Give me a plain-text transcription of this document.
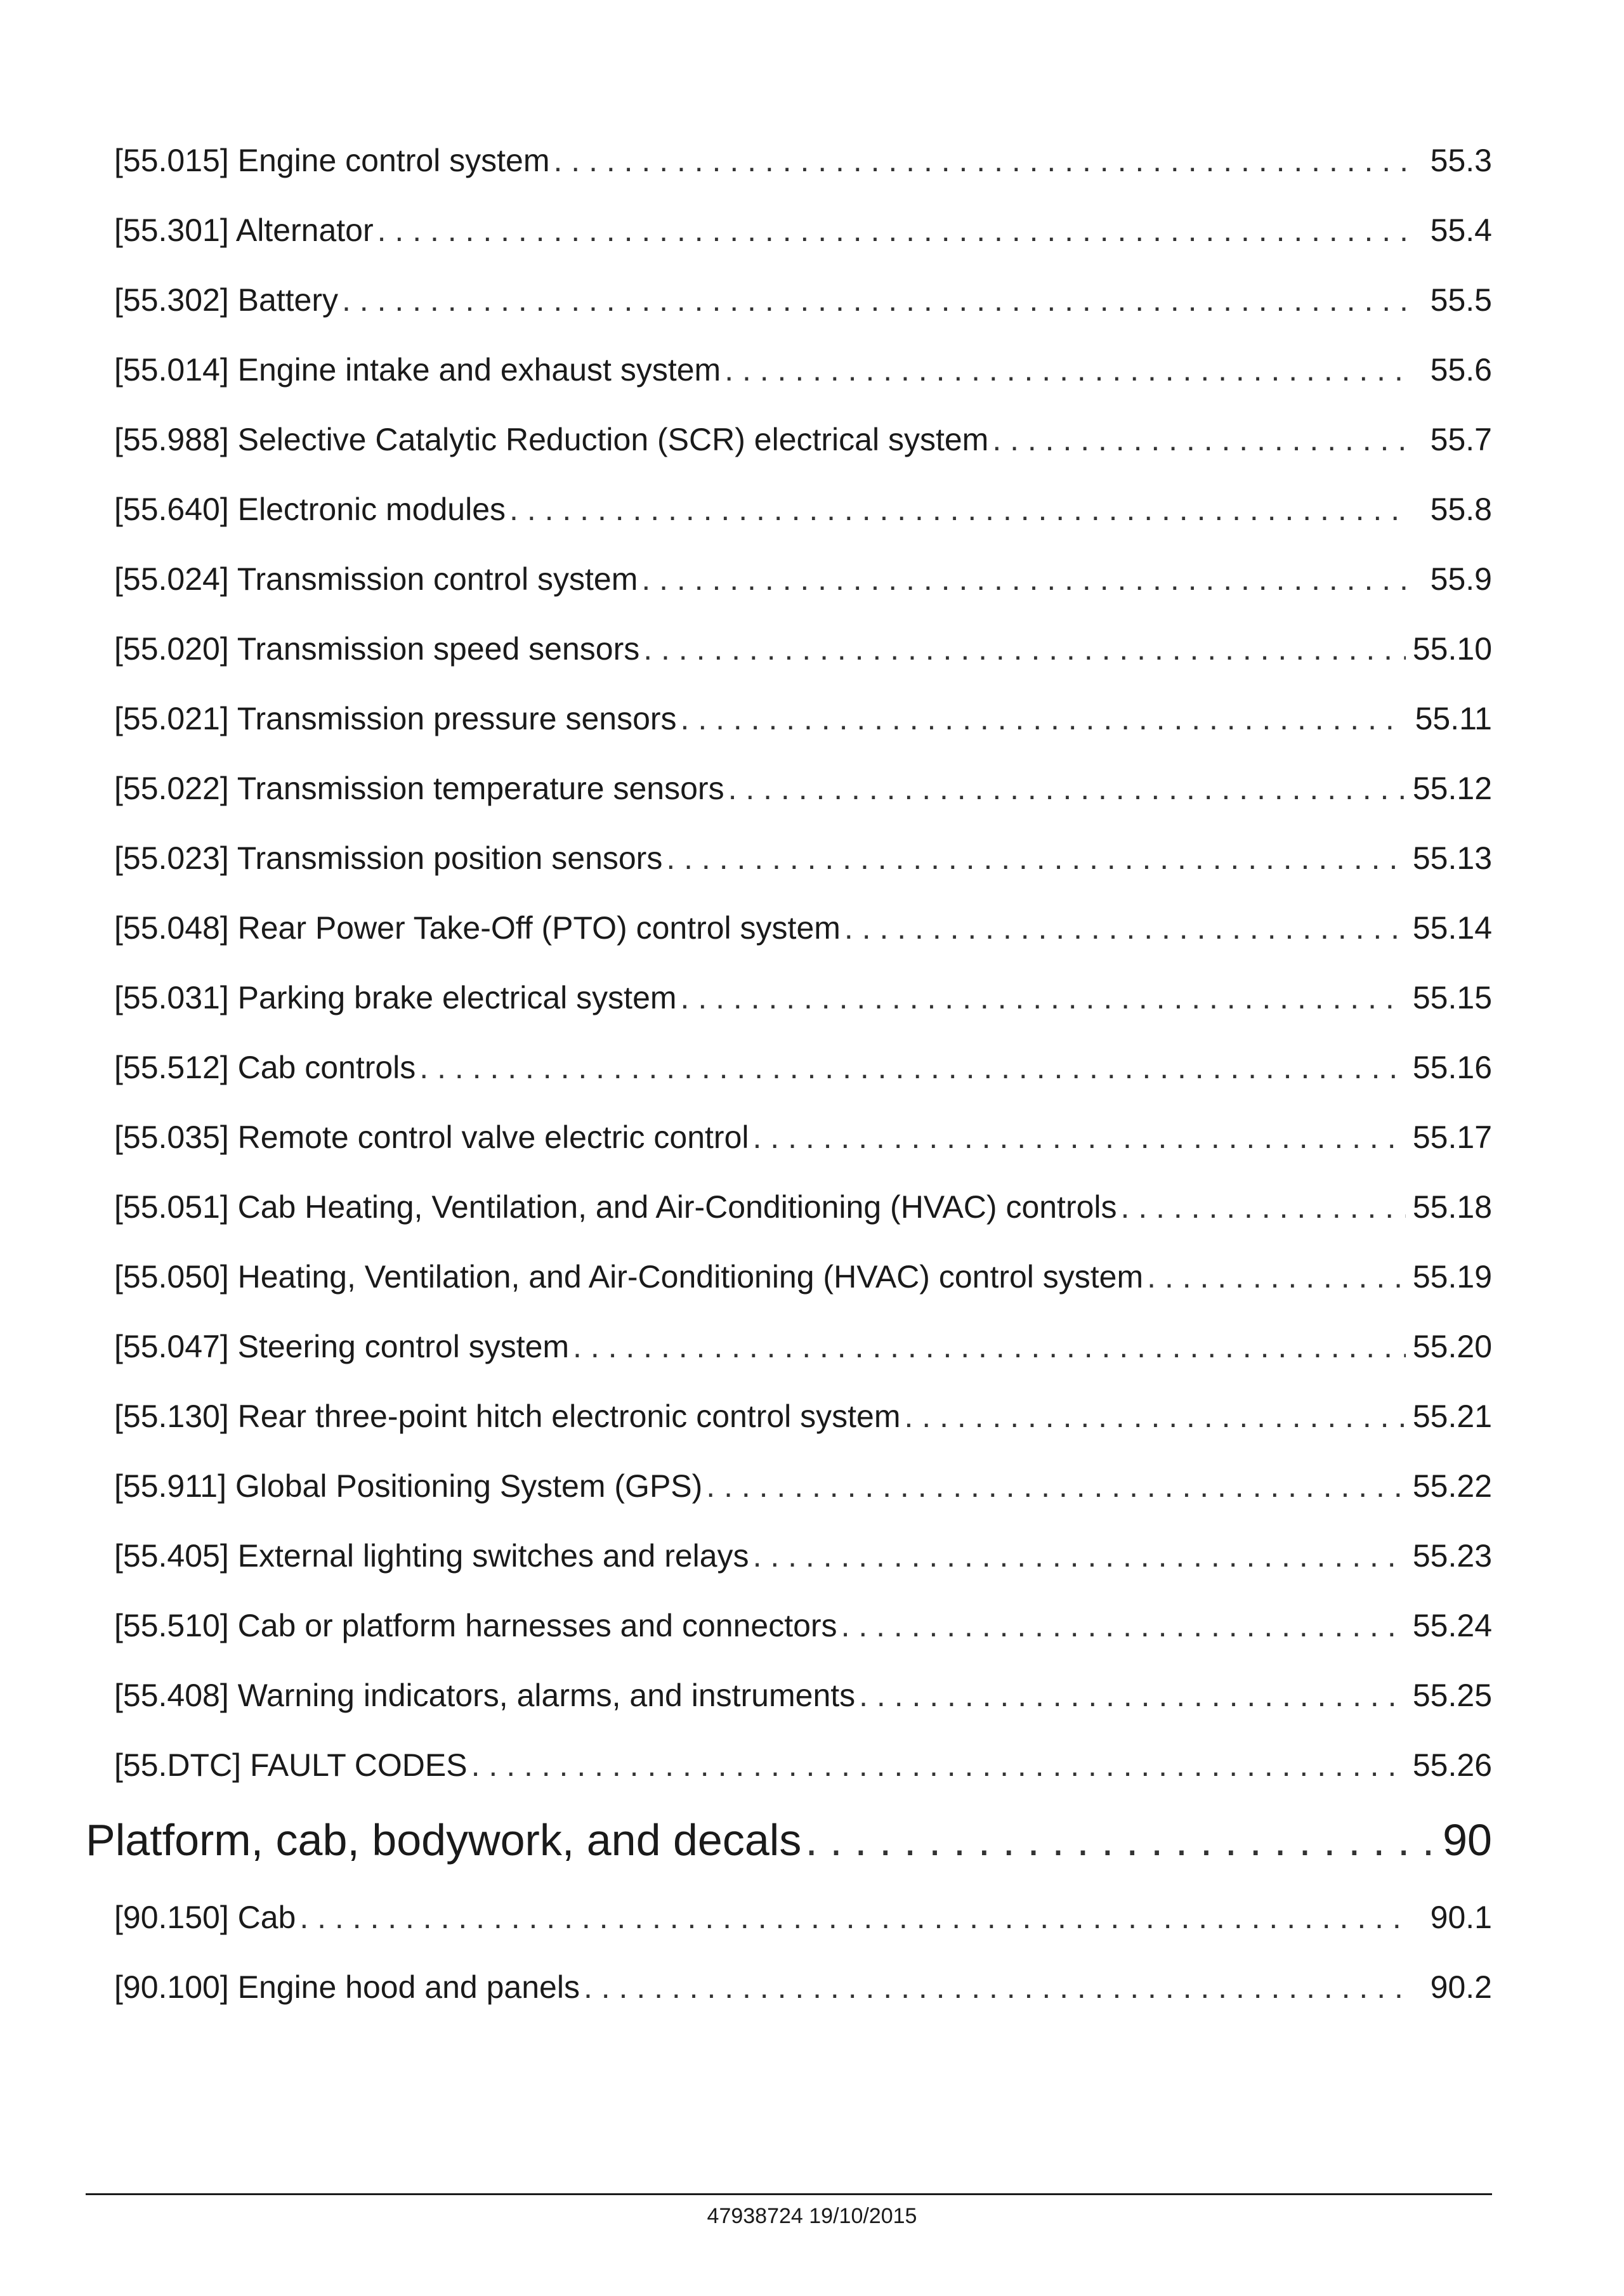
[55.015] Engine control system . . .	55.3
[55.301] Alternator . . .	55.4
[55.302] Battery . . .	55.5
[55.014] Engine intake and exhaust system . . .	55.6
[55.988] Selective Catalytic Reduction (SCR) electrical system . . .	55.7
[55.640] Electronic modules . . .	55.8
[55.024] Transmission control system . . .	55.9
[55.020] Transmission speed sensors . . .	55.10
[55.021] Transmission pressure sensors . . .	55.11
[55.022] Transmission temperature sensors . . .	55.12
[55.023] Transmission position sensors . . .	55.13
[55.048] Rear Power Take-Off (PTO) control system . . .	55.14
[55.031] Parking brake electrical system . . .	55.15
[55.512] Cab controls . . .	55.16
[55.035] Remote control valve electric control . . .	55.17
[55.051] Cab Heating, Ventilation, and Air-Conditioning (HVAC) controls . . .	55.18
[55.050] Heating, Ventilation, and Air-Conditioning (HVAC) control system . . .	55.19
[55.047] Steering control system . . .	55.20
[55.130] Rear three-point hitch electronic control system . . .	55.21
[55.911] Global Positioning System (GPS) . . .	55.22
[55.405] External lighting switches and relays . . .	55.23
[55.510] Cab or platform harnesses and connectors . . .	55.24
[55.408] Warning indicators, alarms, and instruments . . .	55.25
[55.DTC] FAULT CODES . . .	55.26
Platform, cab, bodywork, and decals . . .	90
[90.150] Cab . . .	90.1
[90.100] Engine hood and panels . . .	90.2
47938724 19/10/2015
